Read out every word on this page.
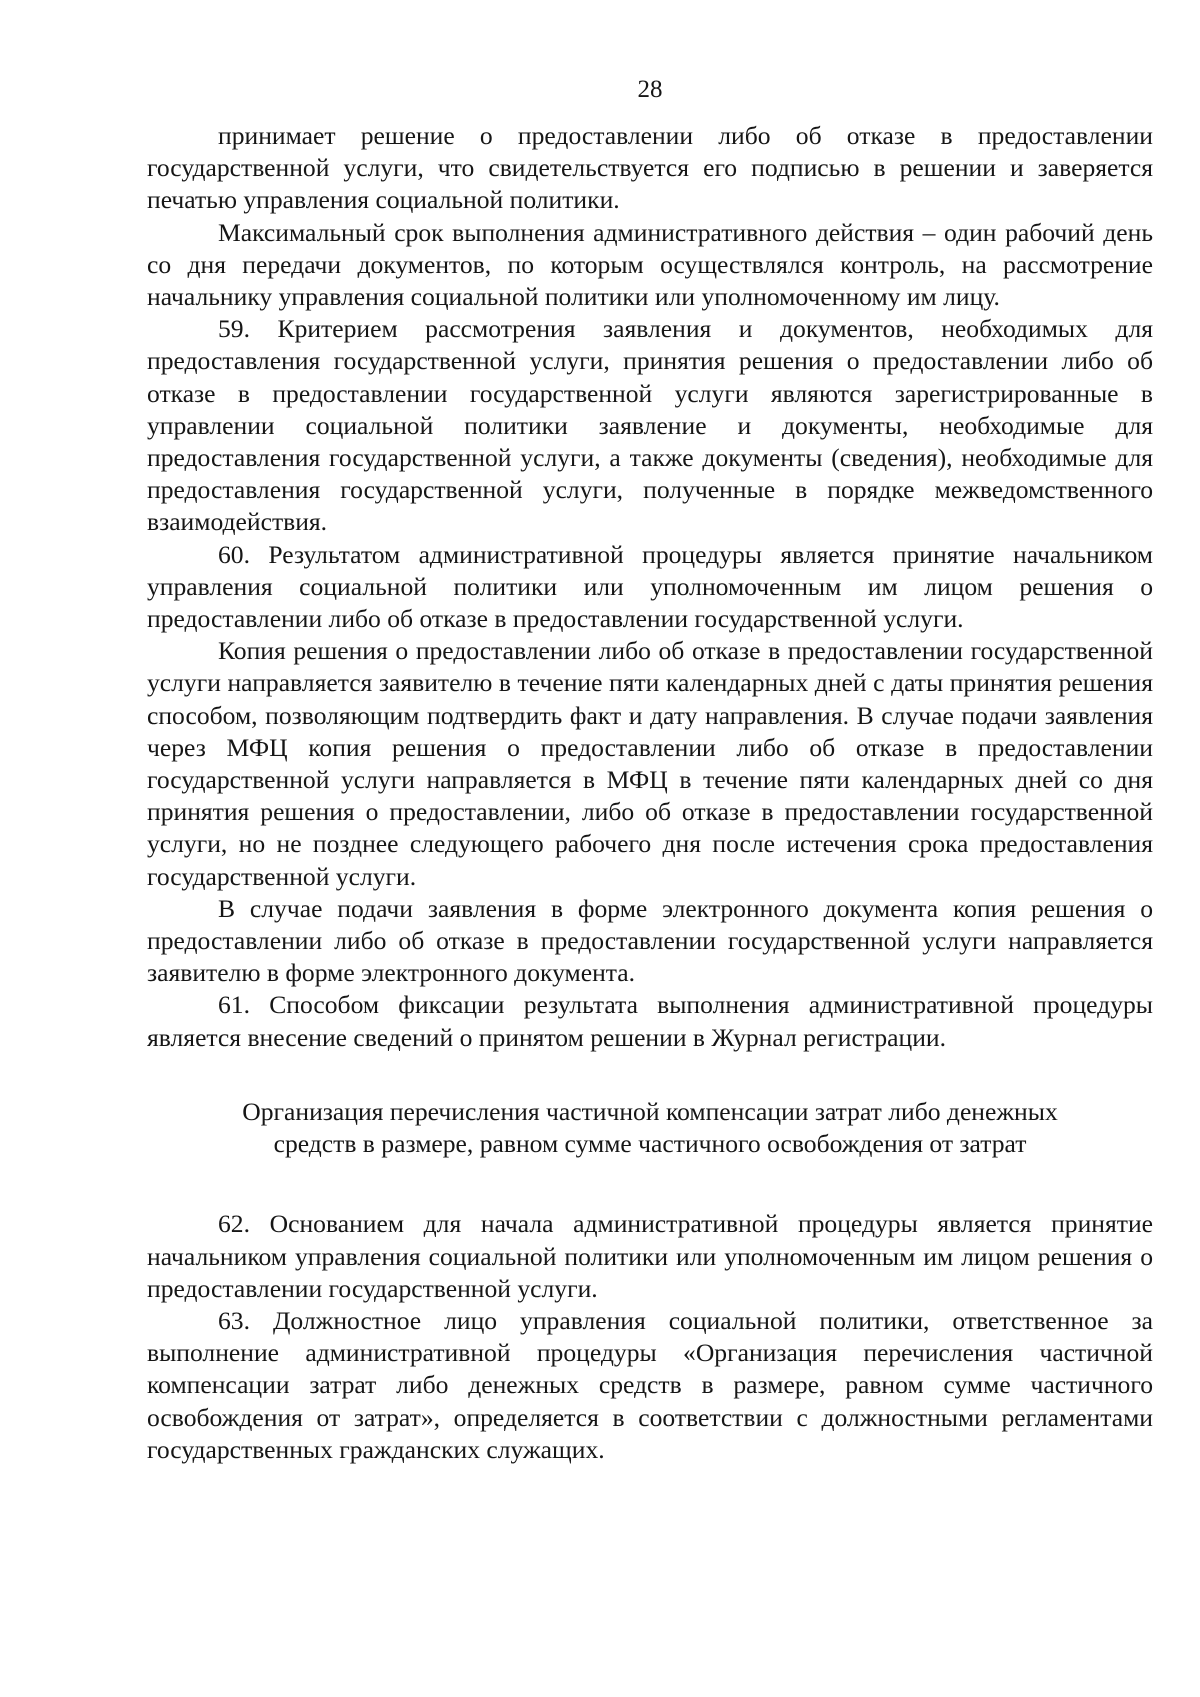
28

принимает решение о предоставлении либо об отказе в предоставлении государственной услуги, что свидетельствуется его подписью в решении и заверяется печатью управления социальной политики.

Максимальный срок выполнения административного действия – один рабочий день со дня передачи документов, по которым осуществлялся контроль, на рассмотрение начальнику управления социальной политики или уполномоченному им лицу.

59. Критерием рассмотрения заявления и документов, необходимых для предоставления государственной услуги, принятия решения о предоставлении либо об отказе в предоставлении государственной услуги являются зарегистрированные в управлении социальной политики заявление и документы, необходимые для предоставления государственной услуги, а также документы (сведения), необходимые для предоставления государственной услуги, полученные в порядке межведомственного взаимодействия.

60. Результатом административной процедуры является принятие начальником управления социальной политики или уполномоченным им лицом решения о предоставлении либо об отказе в предоставлении государственной услуги.

Копия решения о предоставлении либо об отказе в предоставлении государственной услуги направляется заявителю в течение пяти календарных дней с даты принятия решения способом, позволяющим подтвердить факт и дату направления. В случае подачи заявления через МФЦ копия решения о предоставлении либо об отказе в предоставлении государственной услуги направляется в МФЦ в течение пяти календарных дней со дня принятия решения о предоставлении, либо об отказе в предоставлении государственной услуги, но не позднее следующего рабочего дня после истечения срока предоставления государственной услуги.

В случае подачи заявления в форме электронного документа копия решения о предоставлении либо об отказе в предоставлении государственной услуги направляется заявителю в форме электронного документа.

61. Способом фиксации результата выполнения административной процедуры является внесение сведений о принятом решении в Журнал регистрации.

Организация перечисления частичной компенсации затрат либо денежных
средств в размере, равном сумме частичного освобождения от затрат

62. Основанием для начала административной процедуры является принятие начальником управления социальной политики или уполномоченным им лицом решения о предоставлении государственной услуги.

63. Должностное лицо управления социальной политики, ответственное за выполнение административной процедуры «Организация перечисления частичной компенсации затрат либо денежных средств в размере, равном сумме частичного освобождения от затрат», определяется в соответствии с должностными регламентами государственных гражданских служащих.
